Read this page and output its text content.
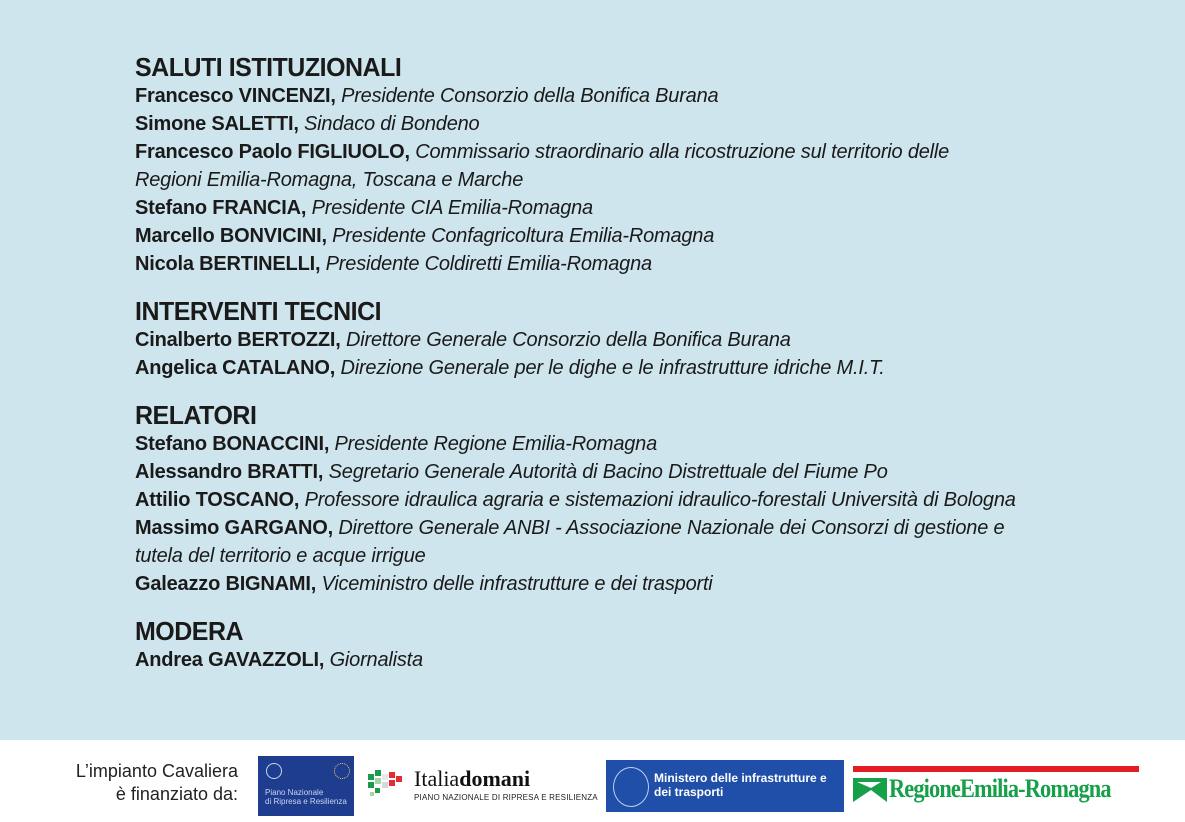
SALUTI ISTITUZIONALI

Francesco VINCENZI, Presidente Consorzio della Bonifica Burana

Simone SALETTI, Sindaco di Bondeno

Francesco Paolo FIGLIUOLO, Commissario straordinario alla ricostruzione sul territorio delle

Regioni Emilia-Romagna, Toscana e Marche

Stefano FRANCIA, Presidente CIA Emilia-Romagna

Marcello BONVICINI, Presidente Confagricoltura Emilia-Romagna

Nicola BERTINELLI, Presidente Coldiretti Emilia-Romagna

INTERVENTI TECNICI

Cinalberto BERTOZZI, Direttore Generale Consorzio della Bonifica Burana

Angelica CATALANO, Direzione Generale per le dighe e le infrastrutture idriche M.I.T.

RELATORI

Stefano BONACCINI, Presidente Regione Emilia-Romagna

Alessandro BRATTI, Segretario Generale Autorità di Bacino Distrettuale del Fiume Po

Attilio TOSCANO, Professore idraulica agraria e sistemazioni idraulico-forestali Università di Bologna

Massimo GARGANO, Direttore Generale ANBI - Associazione Nazionale dei Consorzi di gestione e

tutela del territorio e acque irrigue

Galeazzo BIGNAMI, Viceministro delle infrastrutture e dei trasporti

MODERA

Andrea GAVAZZOLI, Giornalista

L’impianto Cavaliera
è finanziato da:	Piano Nazionale
di Ripresa e Resilienza
Italiadomani
PIANO NAZIONALE DI RIPRESA E RESILIENZA
Ministero delle infrastrutture e
dei trasporti	RegioneEmilia-Romagna
